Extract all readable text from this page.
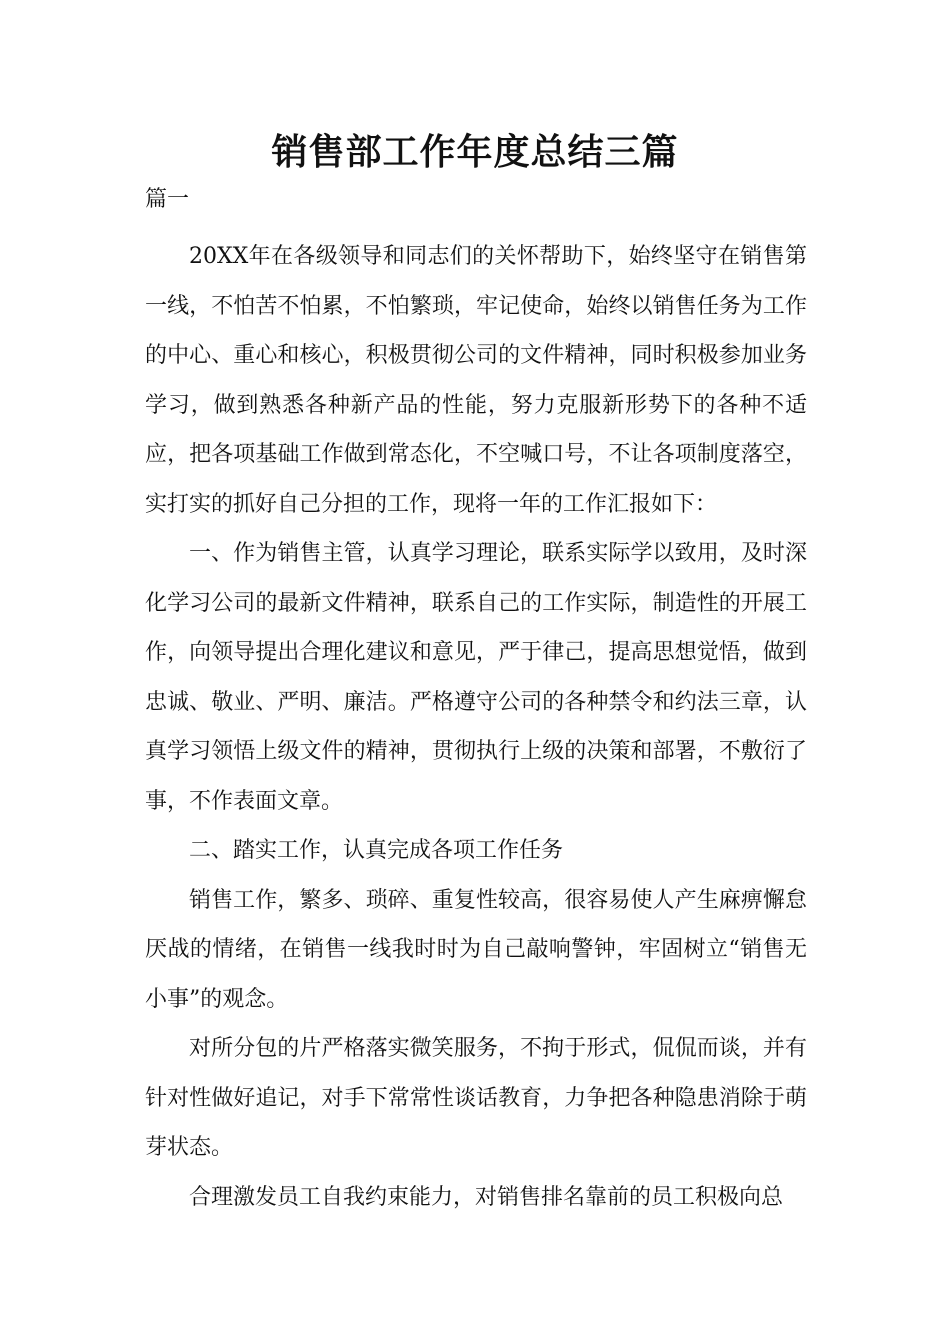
销售部工作年度总结三篇
篇一

20XX年在各级领导和同志们的关怀帮助下，始终坚守在销售第一线，不怕苦不怕累，不怕繁琐，牢记使命，始终以销售任务为工作的中心、重心和核心，积极贯彻公司的文件精神，同时积极参加业务学习，做到熟悉各种新产品的性能，努力克服新形势下的各种不适应，把各项基础工作做到常态化，不空喊口号，不让各项制度落空，实打实的抓好自己分担的工作，现将一年的工作汇报如下：

一、作为销售主管，认真学习理论，联系实际学以致用，及时深化学习公司的最新文件精神，联系自己的工作实际，制造性的开展工作，向领导提出合理化建议和意见，严于律己，提高思想觉悟，做到忠诚、敬业、严明、廉洁。严格遵守公司的各种禁令和约法三章，认真学习领悟上级文件的精神，贯彻执行上级的决策和部署，不敷衍了事，不作表面文章。

二、踏实工作，认真完成各项工作任务

销售工作，繁多、琐碎、重复性较高，很容易使人产生麻痹懈怠厌战的情绪，在销售一线我时时为自己敲响警钟，牢固树立“销售无小事”的观念。

对所分包的片严格落实微笑服务，不拘于形式，侃侃而谈，并有针对性做好追记，对手下常常性谈话教育，力争把各种隐患消除于萌芽状态。

合理激发员工自我约束能力，对销售排名靠前的员工积极向总
